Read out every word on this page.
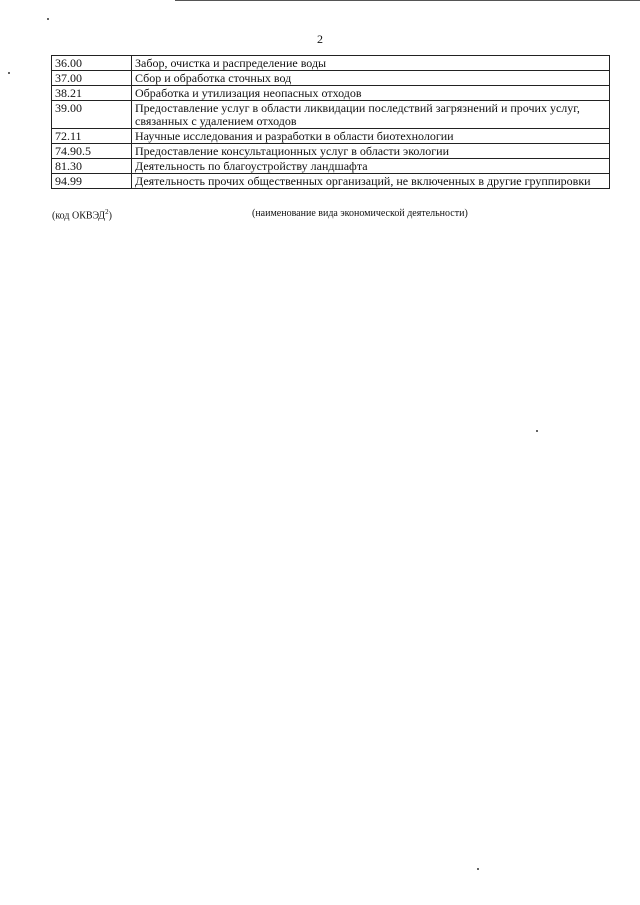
2
36.00	Забор, очистка и распределение воды
37.00	Сбор и обработка сточных вод
38.21	Обработка и утилизация неопасных отходов
39.00	Предоставление услуг в области ликвидации последствий загрязнений и прочих услуг, связанных с удалением отходов
72.11	Научные исследования и разработки в области биотехнологии
74.90.5	Предоставление консультационных услуг в области экологии
81.30	Деятельность по благоустройству ландшафта
94.99	Деятельность прочих общественных организаций, не включенных в другие группировки
(код ОКВЭД$^2$)	(наименование вида экономической деятельности)
